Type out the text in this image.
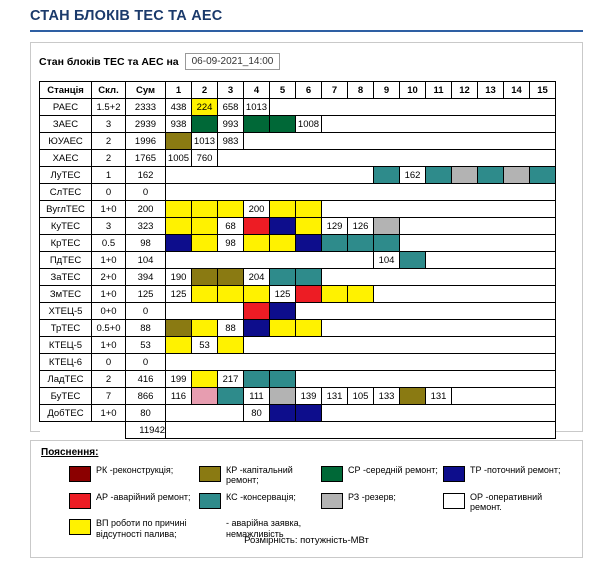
СТАН БЛОКІВ ТЕС ТА АЕС
Стан блоків ТЕС та АЕС на	06-09-2021_14:00
Станція	Скл.	Сум	1	2	3	4	5	6	7	8	9	10	11	12	13	14	15
РАЕС	1.5+2	2333	438	224	658	1013											
ЗАЕС	3	2939	938		993			1008									
ЮУАЕС	2	1996		1013	983												
ХАЕС	2	1765	1005	760													
ЛуТЕС	1	162										162					
СлТЕС	0	0															
ВуглТЕС	1+0	200				200											
КуТЕС	3	323			68				129	126							
КрТЕС	0.5	98			98												
ПдТЕС	1+0	104									104						
ЗаТЕС	2+0	394	190			204											
ЗмТЕС	1+0	125	125				125										
ХТЕЦ-5	0+0	0															
ТрТЕС	0.5+0	88			88												
КТЕЦ-5	1+0	53		53													
КТЕЦ-6	0	0															
ЛадТЕС	2	416	199		217												
БуТЕС	7	866	116			111		139	131	105	133		131				
ДобТЕС	1+0	80				80											
		11942															
Пояснення:
РК -реконструкція;	КР -капітальний ремонт;
СР -середній ремонт;	ТР -поточний ремонт;
АР -аварійний ремонт;	КС -консервація;	РЗ -резерв;	ОР -оперативний ремонт.
ВП роботи по причині відсутності палива;
- аварійна заявка, немажливість
Розмірність: потужність-МВт
